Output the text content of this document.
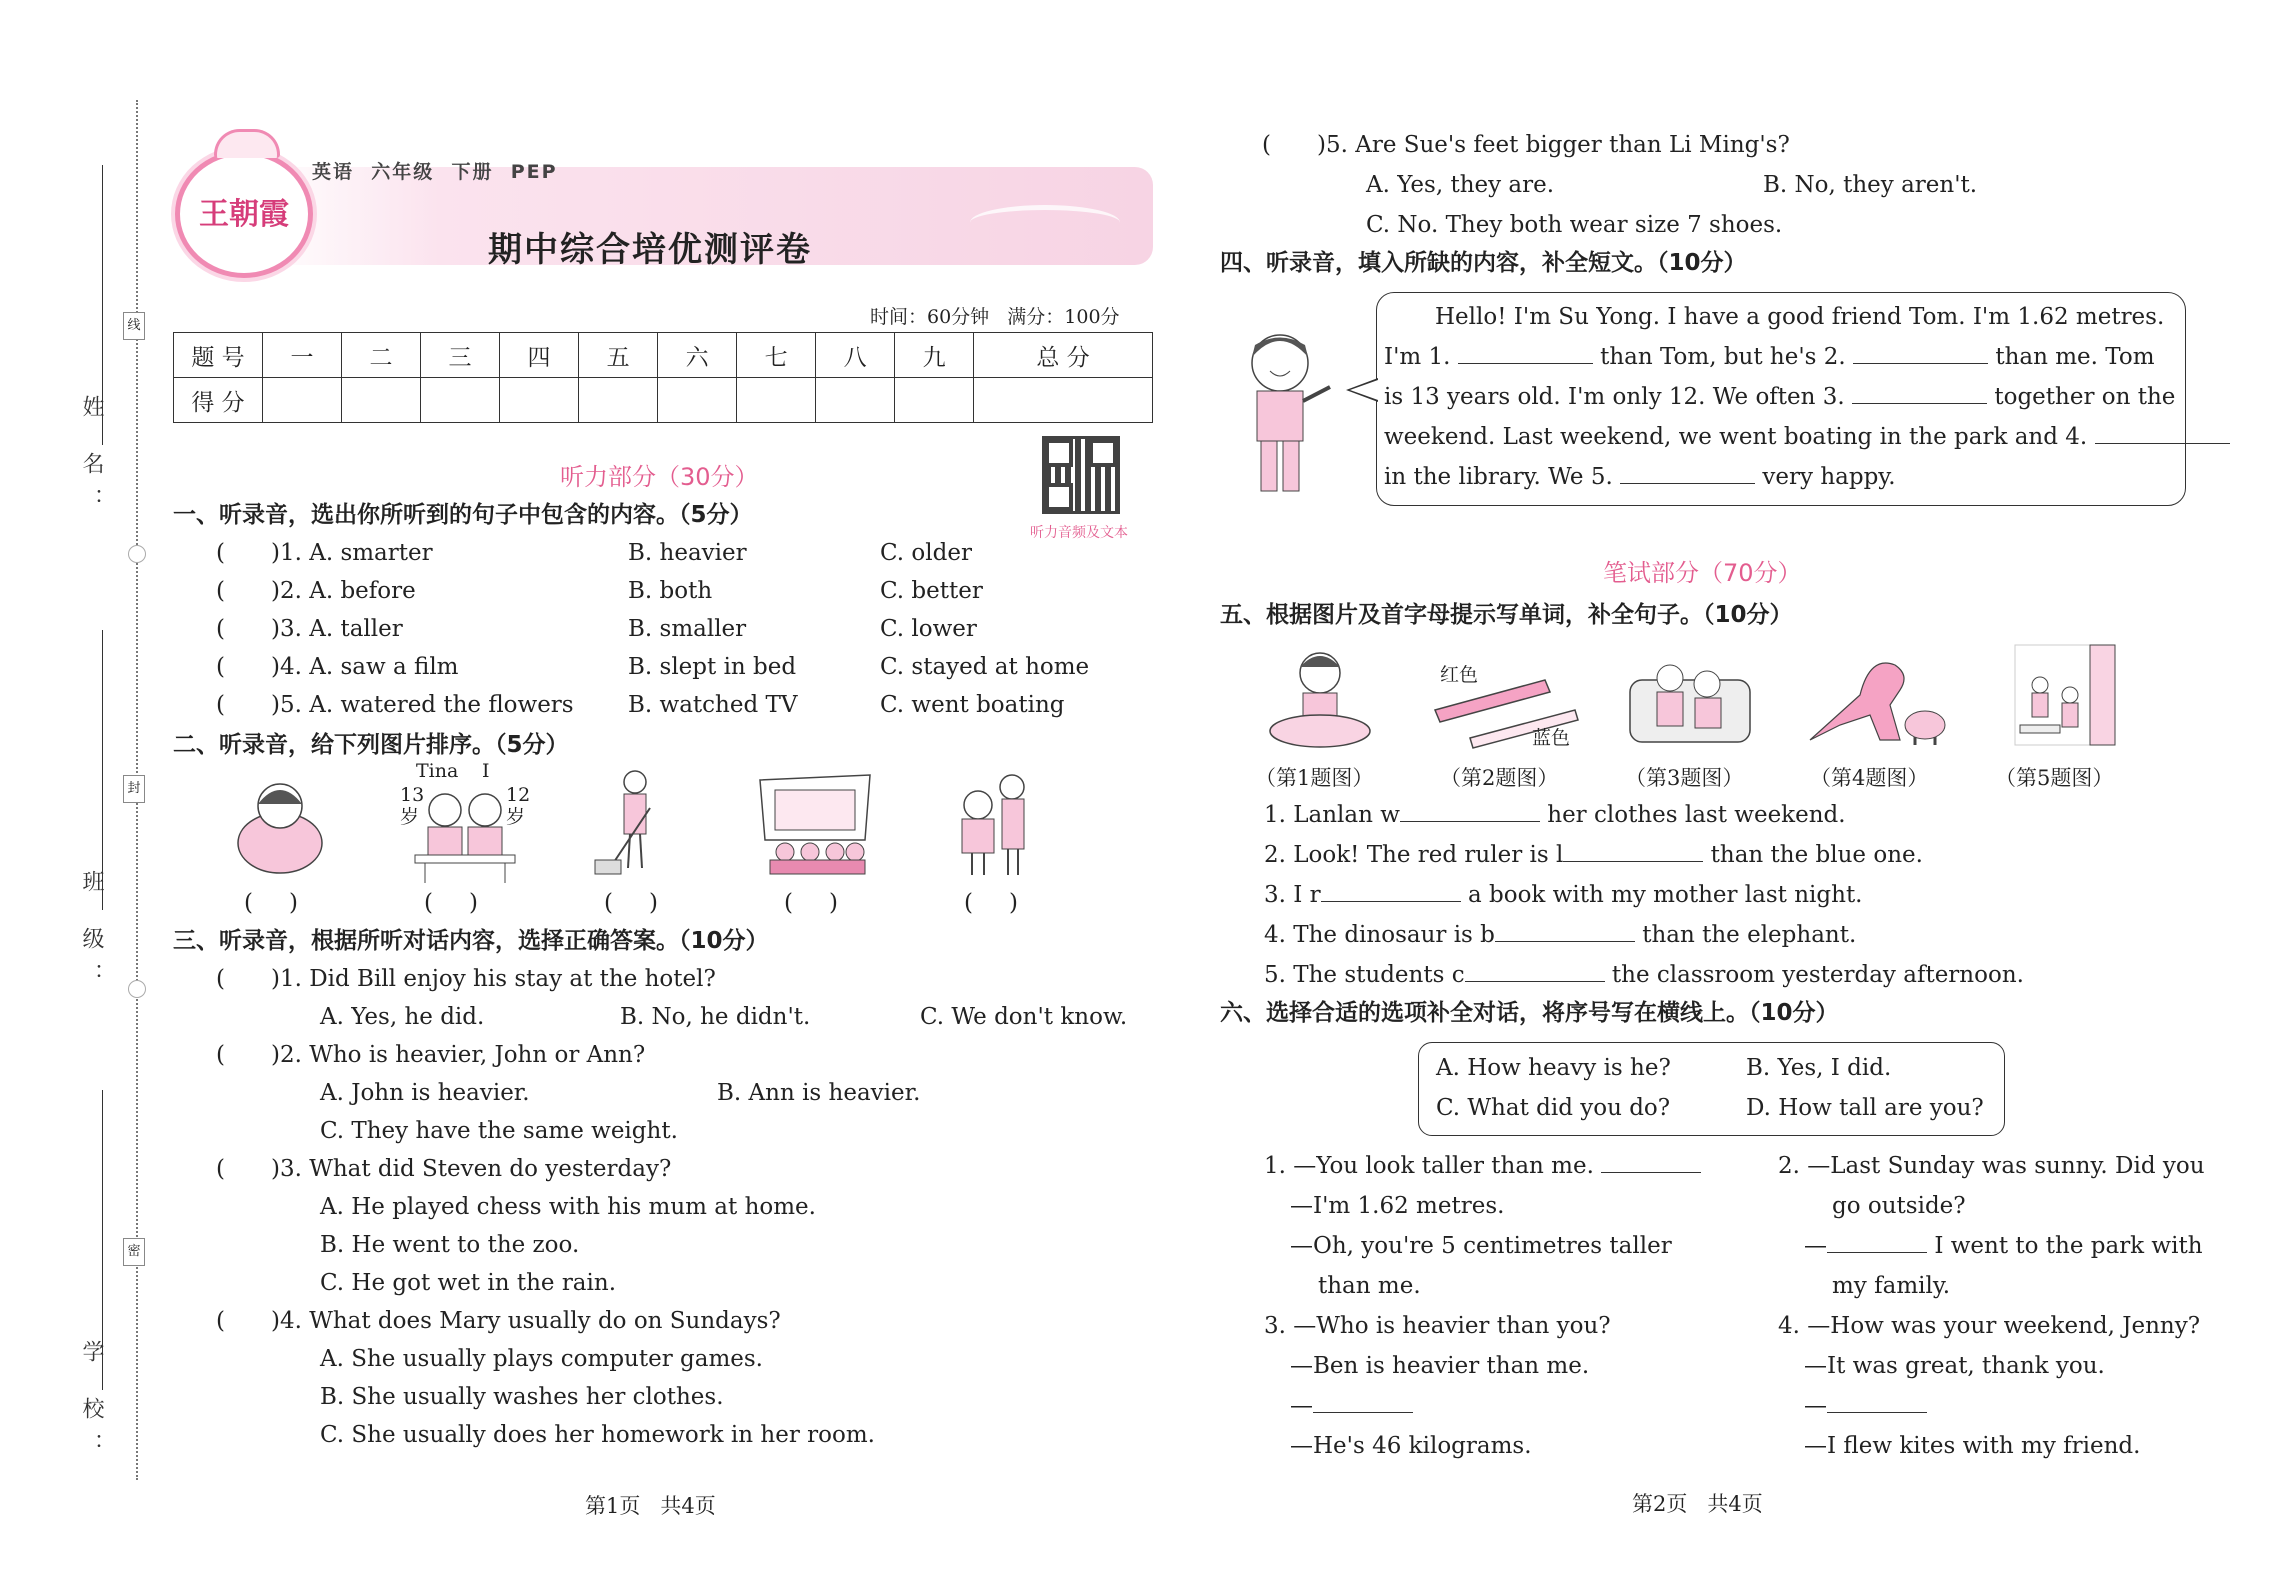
姓 名：
班 级：
学 校：
线
封
密
王朝霞
英语  六年级  下册  PEP
期中综合培优测评卷
时间：60分钟   满分：100分
题 号	一	二	三	四	五	六	七	八	九	总 分
得 分										
听力部分（30分）
听力音频及文本
一、听录音，选出你所听到的句子中包含的内容。（5分）
( )1. A. smarter	B. heavier	C. older
( )2. A. before	B. both	C. better
( )3. A. taller	B. smaller	C. lower
( )4. A. saw a film	B. slept in bed	C. stayed at home
( )5. A. watered the flowers B. watched TV	C. went boating
二、听录音，给下列图片排序。（5分）
Tina I
13
岁
12
岁
( )	( )	( )	( )	( )
三、听录音，根据所听对话内容，选择正确答案。（10分）
( )1. Did Bill enjoy his stay at the hotel?
A. Yes, he did.	B. No, he didn't.	C. We don't know.
( )2. Who is heavier, John or Ann?
A. John is heavier.	B. Ann is heavier.
C. They have the same weight.
( )3. What did Steven do yesterday?
A. He played chess with his mum at home.
B. He went to the zoo.
C. He got wet in the rain.
( )4. What does Mary usually do on Sundays?
A. She usually plays computer games.
B. She usually washes her clothes.
C. She usually does her homework in her room.
第1页   共4页
( )5. Are Sue's feet bigger than Li Ming's?
A. Yes, they are.	B. No, they aren't.
C. No. They both wear size 7 shoes.
四、听录音，填入所缺的内容，补全短文。（10分）
Hello! I'm Su Yong. I have a good friend Tom. I'm 1.62 metres.
I'm 1.	than Tom, but he's 2.	than me. Tom
is 13 years old. I'm only 12. We often 3.	together on the
weekend. Last weekend, we went boating in the park and 4.
in the library. We 5.	very happy.
笔试部分（70分）
五、根据图片及首字母提示写单词，补全句子。（10分）
红色
蓝色
（第1题图）	（第2题图）	（第3题图）	（第4题图）	（第5题图）
1. Lanlan w	her clothes last weekend.
2. Look! The red ruler is l	than the blue one.
3. I r	a book with my mother last night.
4. The dinosaur is b	than the elephant.
5. The students c	the classroom yesterday afternoon.
六、选择合适的选项补全对话，将序号写在横线上。（10分）
A. How heavy is he?	B. Yes, I did.
C. What did you do?	D. How tall are you?
1. —You look taller than me.
—I'm 1.62 metres.
—Oh, you're 5 centimetres taller
than me.
2. —Last Sunday was sunny. Did you
go outside?
—	I went to the park with
my family.
3. —Who is heavier than you?
—Ben is heavier than me.
—
—He's 46 kilograms.
4. —How was your weekend, Jenny?
—It was great, thank you.
—
—I flew kites with my friend.
第2页   共4页
